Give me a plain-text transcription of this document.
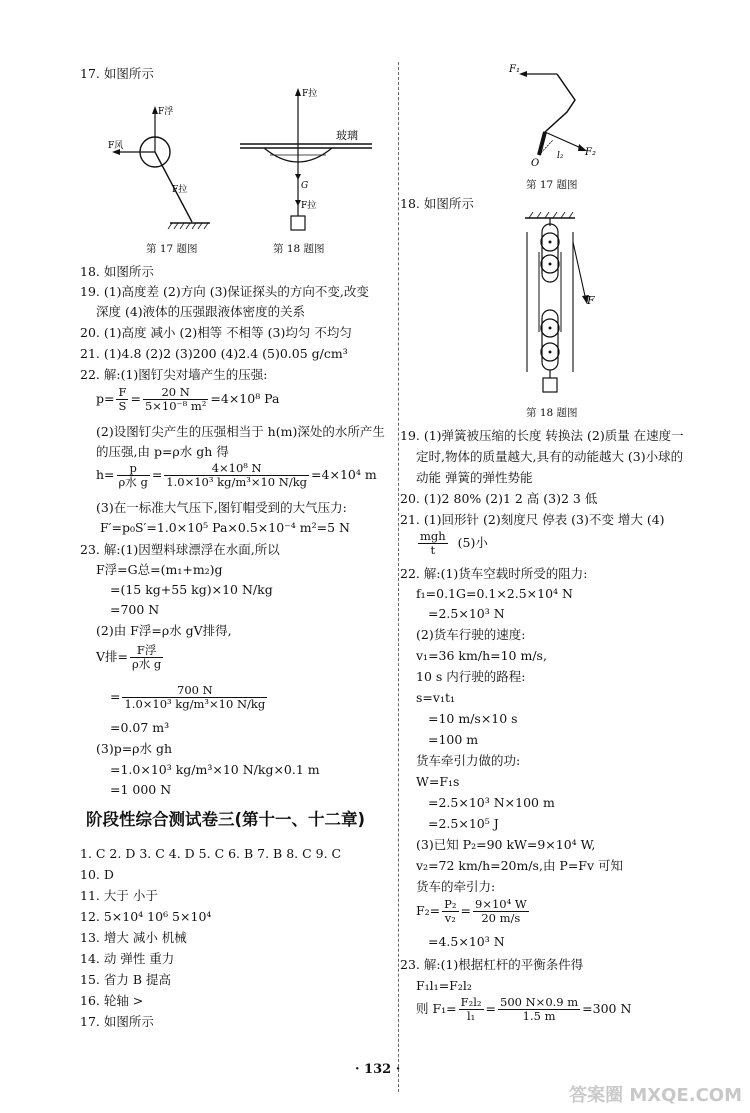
17. 如图所示
F浮
F风
F拉
F拉
玻璃
G
F拉
第 17 题图	第 18 题图
18. 如图所示
19. (1)高度差 (2)方向 (3)保证探头的方向不变,改变
深度 (4)液体的压强跟液体密度的关系
20. (1)高度 减小 (2)相等 不相等 (3)均匀 不均匀
21. (1)4.8 (2)2 (3)200 (4)2.4 (5)0.05 g/cm³
22. 解:(1)图钉尖对墙产生的压强:
$p= \frac{F}{S} = \frac{20 N}{\text{5×10⁻⁸ m²}} =4\times 10^8$ Pa
(2)设图钉尖产生的压强相当于 h(m)深处的水所产生
的压强,由 p=ρ水 gh 得
$h= \frac{p}{\text{ρ水 g}} = \frac{\text{4×10⁸ N}}{\text{1.0×10³ kg/m³×10 N/kg}} =4\times 10^4$ m
(3)在一标准大气压下,图钉帽受到的大气压力:
F′=p₀S′=1.0×10⁵ Pa×0.5×10⁻⁴ m²=5 N
23. 解:(1)因塑料球漂浮在水面,所以
F浮=G总=(m₁+m₂)g
=(15 kg+55 kg)×10 N/kg
=700 N
(2)由 F浮=ρ水 gV排得,
V排= $\frac{\text{F浮}}{\text{ρ水 g}}$
= $\frac{700 N}{\text{1.0×10³ kg/m³×10 N/kg}}$
=0.07 m³
(3)p=ρ水 gh
=1.0×10³ kg/m³×10 N/kg×0.1 m
=1 000 N
阶段性综合测试卷三(第十一、十二章)
1. C 2. D 3. C 4. D 5. C 6. B 7. B 8. C 9. C
10. D
11. 大于 小于
12. 5×10⁴ 10⁶ 5×10⁴
13. 增大 减小 机械
14. 动 弹性 重力
15. 省力 B 提高
16. 轮轴 >
17. 如图所示
F₁
F₂
l₂
O
第 17 题图
18. 如图所示
F
第 18 题图
19. (1)弹簧被压缩的长度 转换法 (2)质量 在速度一
定时,物体的质量越大,具有的动能越大 (3)小球的
动能 弹簧的弹性势能
20. (1)2 80% (2)1 2 高 (3)2 3 低
21. (1)回形针 (2)刻度尺 停表 (3)不变 增大 (4)
$\frac{\text{mgh}}{t} (5)$小
22. 解:(1)货车空载时所受的阻力:
f₁=0.1G=0.1×2.5×10⁴ N
=2.5×10³ N
(2)货车行驶的速度:
v₁=36 km/h=10 m/s,
10 s 内行驶的路程:
s=v₁t₁
=10 m/s×10 s
=100 m
货车牵引力做的功:
W=F₁s
=2.5×10³ N×100 m
=2.5×10⁵ J
(3)已知 P₂=90 kW=9×10⁴ W,
v₂=72 km/h=20m/s,由 P=Fv 可知
货车的牵引力:
$F_2= \frac{\text{P₂}}{\text{v₂}} = \frac{\text{9×10⁴ W}}{20 m/s}$
=4.5×10³ N
23. 解:(1)根据杠杆的平衡条件得
F₁l₁=F₂l₂
则 $F_1= \frac{\text{F₂l₂}}{\text{l₁}} = \frac{500 N\times 0.9 m}{1.5 m} =300$ N
· 132 ·
答案圈 MXQE.COM
